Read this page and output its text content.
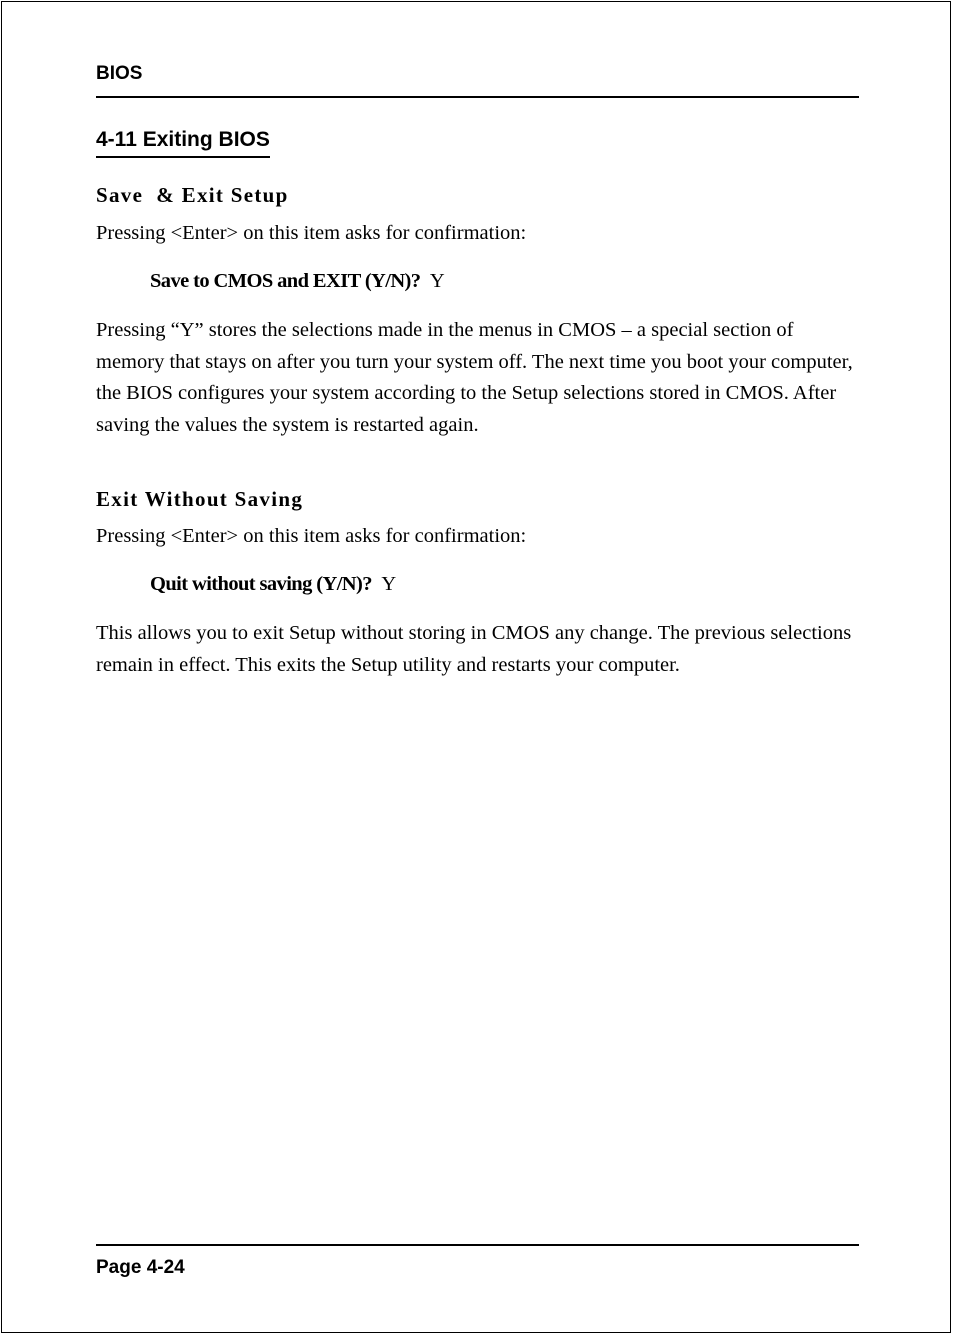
BIOS
4-11 Exiting BIOS
Save  & Exit Setup

Pressing <Enter> on this item asks for confirmation:

Save to CMOS and EXIT (Y/N)? Y

Pressing “Y” stores the selections made in the menus in CMOS – a special section of memory that stays on after you turn your system off. The next time you boot your computer, the BIOS configures your system according to the Setup selections stored in CMOS. After saving the values the system is restarted again.

Exit Without Saving

Pressing <Enter> on this item asks for confirmation:

Quit without saving (Y/N)? Y

This allows you to exit Setup without storing in CMOS any change. The previous selections remain in effect. This exits the Setup utility and restarts your computer.

Page 4-24
